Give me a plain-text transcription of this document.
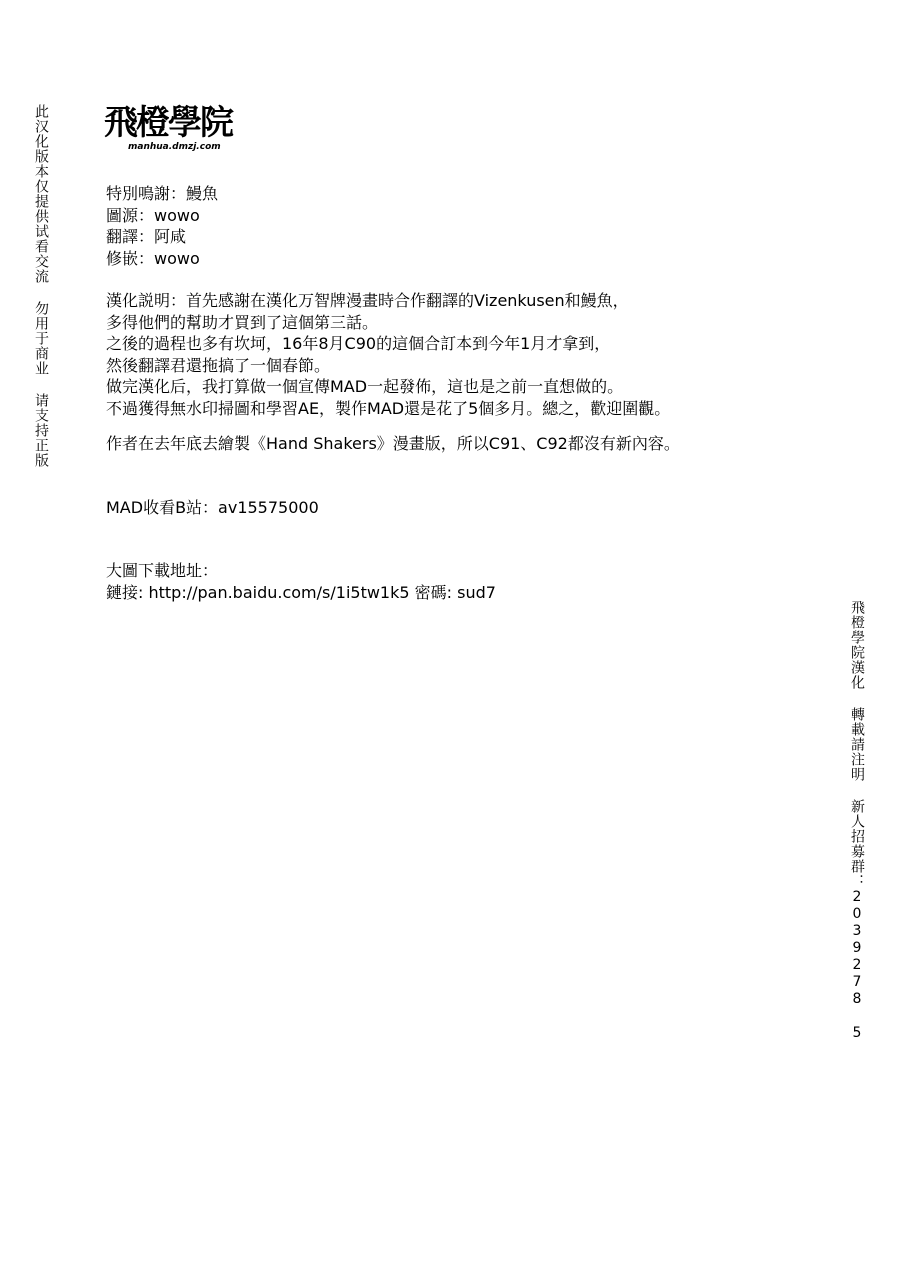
此汉化版本仅提供试看交流 勿用于商业 请支持正版 飛橙學院
manhua.dmzj.com
特別鳴謝：鰻魚
圖源：wowo
翻譯：阿咸
修嵌：wowo
漢化説明：首先感謝在漢化万智牌漫畫時合作翻譯的Vizenkusen和鰻魚，
多得他們的幫助才買到了這個第三話。
之後的過程也多有坎坷，16年8月C90的這個合訂本到今年1月才拿到，
然後翻譯君還拖搞了一個春節。
做完漢化后，我打算做一個宣傳MAD一起發佈，這也是之前一直想做的。
不過獲得無水印掃圖和學習AE，製作MAD還是花了5個多月。總之，歡迎圍觀。
作者在去年底去繪製《Hand Shakers》漫畫版，所以C91、C92都沒有新內容。
MAD收看B站：av15575000
大圖下載地址：
鏈接: http://pan.baidu.com/s/1i5tw1k5 密碼: sud7
飛橙學院漢化 轉載請注明 新人招募群：2039278 5
